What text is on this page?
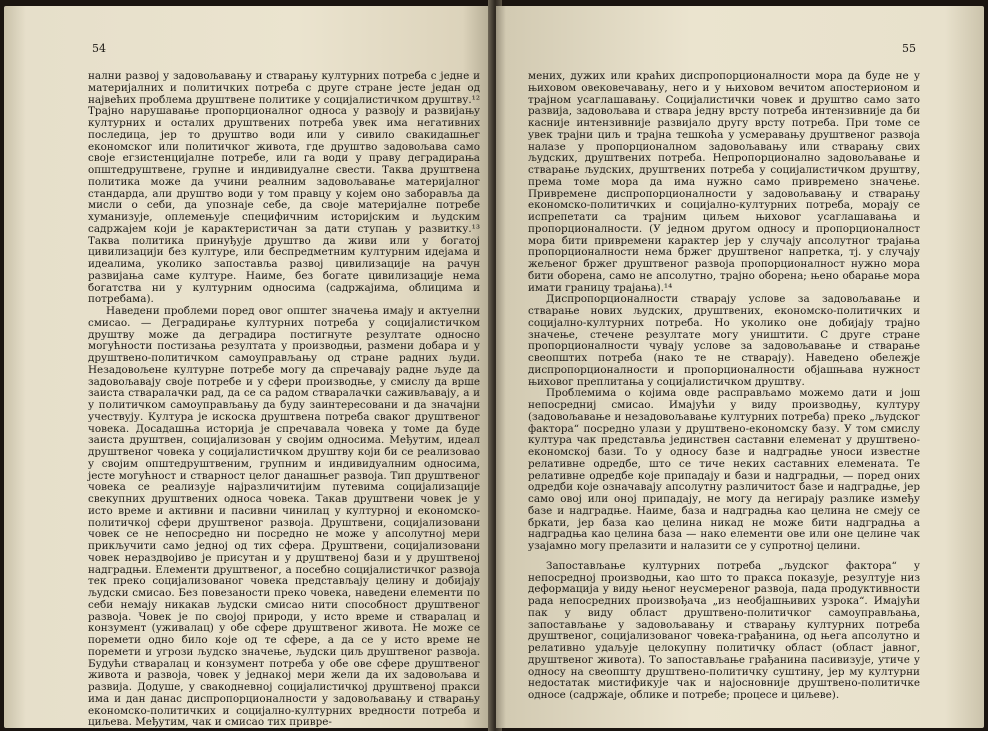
54

нални развој у задовољавању и стварању културних потреба с једне и материјалних и политичких потреба с друге стране јесте један од највећих проблема друштвене политике у социјалистичком друштву.¹² Трајно нарушавање пропорционалног односа у развоју и развијању културних и осталих друштвених потреба увек има негативних последица, јер то друштво води или у сивило свакидашњег економског или политичког живота, где друштво задовољава само своје егзистенцијалне потребе, или га води у праву деградирања општедруштвене, групне и индивидуалне свести. Таква друштвена политика може да учини реалним задовољавање материјалног стандарда, али друштво води у том правцу у којем оно заборавља да мисли о себи, да упознаје себе, да своје материјалне потребе хуманизује, оплемењује специфичним историјским и људским садржајем који је карактеристичан за дати ступањ у развитку.¹³ Таква политика принуђује друштво да живи или у богатој цивилизацији без културе, или беспредметним културним идејама и идеалима, уколико запоставља развој цивилизације на рачун развијања саме културе. Наиме, без богате цивилизације нема богатства ни у културним односима (садржајима, облицима и потребама).

Наведени проблеми поред овог општег значења имају и актуелни смисао. — Деградирање културних потреба у социјалистичком друштву може да деградира постигнуте резултате односно могућности постизања резултата у производњи, размени добара и у друштвено-политичком самоуправљању од стране радних људи. Незадовољене културне потребе могу да спречавају радне људе да задовољавају своје потребе и у сфери производње, у смислу да врше заиста стваралачки рад, да се са радом стваралачки саживљавају, а и у политичком самоуправљању да буду заинтересовани и да значајни учествују. Култура је искоска друштвена потреба сваког друштвеног човека. Досадашња историја је спречавала човека у томе да буде заиста друштвен, социјализован у својим односима. Међутим, идеал друштвеног човека у социјалистичком друштву који би се реализовао у својим општедруштвеним, групним и индивидуалним односима, јесте могућност и стварност целог данашњег развоја. Тип друштвеног човека се реализује најразличитијим путевима социјализације свекупних друштвених односа човека. Такав друштвени човек је у исто време и активни и пасивни чинилац у културној и економско-политичкој сфери друштвеног развоја. Друштвени, социјализовани човек се не непосредно ни посредно не може у апсолутној мери прикључити само једној од тих сфера. Друштвени, социјализовани човек нераздвојиво је присутан и у друштвеној бази и у друштвеној надградњи. Елементи друштвеног, а посебно социјалистичког развоја тек преко социјализованог човека представљају целину и добијају људски смисао. Без повезаности преко човека, наведени елементи по себи немају никакав људски смисао нити способност друштвеног развоја. Човек је по својој природи, у исто време и стваралац и конзумент (уживалац) у обе сфере друштвеног живота. Не може се поремети одно било које од те сфере, а да се у исто време не поремети и угрози људско значење, људски циљ друштвеног развоја. Будући стваралац и конзумент потреба у обе ове сфере друштвеног живота и развоја, човек у једнакој мери жели да их задовољава и развија. Додуше, у свакодневној социјалистичкој друштвеној пракси има и дан данас диспропорционалности у задовољавању и стварању економско-политичких и социјално-културних вредности потреба и циљева. Међутим, чак и смисао тих привре-

55

мених, дужих или краћих диспропорционалности мора да буде не у њиховом овековечавању, него и у њиховом вечитом апостерионом и трајном усаглашавању. Социјалистички човек и друштво само зато развија, задовољава и ствара једну врсту потреба интензивније да би касније интензивније развијало другу врсту потреба. При томе се увек трајни циљ и трајна тешкоћа у усмеравању друштвеног развоја налазе у пропорционалном задовољавању или стварању свих људских, друштвених потреба. Непропорционално задовољавање и стварање људских, друштвених потреба у социјалистичком друштву, према томе мора да има нужно само привремено значење. Привремене диспропорционалности у задовољавању и стварању економско-политичких и социјално-културних потреба, морају се испрепетати са трајним циљем њиховог усаглашавања и пропорционалности. (У једном другом односу и пропорционалност мора бити привремени карактер јер у случају апсолутног трајања пропорционалности нема бржег друштвеног напретка, тј. у случају жељеног бржег друштвеног развоја пропорционалност нужно мора бити оборена, само не апсолутно, трајно оборена; њено обарање мора имати границу трајања).¹⁴

Диспропорционалности стварају услове за задовољавање и стварање нових људских, друштвених, економско-политичких и социјално-културних потреба. Но уколико оне добијају трајно значење, стечене резултате могу уништити. С друге стране пропорционалности чувају услове за задовољавање и стварање свеопштих потреба (нако те не стварају). Наведено обележје диспропорционалности и пропорционалности објашњава нужност њиховог преплитања у социјалистичком друштву.

Проблемима о којима овде расправљамо можемо дати и још непосредниј смисао. Имајући у виду производњу, културу (задовољавање и незадовољавање културних потреба) преко „људског фактора“ посредно улази у друштвено-економску базу. У том смислу култура чак представља јединствен саставни елеменат у друштвено-економској бази. То у односу базе и надградње уноси известне релативне одредбе, што се тиче неких саставних елемената. Те релативне одредбе које припадају и бази и надградњи, — поред оних одредби које означавају апсолутну различитост базе и надградње, јер само овој или оној припадају, не могу да негирају разлике између базе и надградње. Наиме, база и надградња као целина не смеју се бркати, јер база као целина никад не може бити надградња а надградња као целина база — нако елементи ове или оне целине чак узајамно могу прелазити и налазити се у супротној целини.

Запостављање културних потреба „људског фактора“ у непосредној производњи, као што то пракса показује, резултује низ деформација у виду њеног неусмереног развоја, пада продуктивности рада непосредних произвођача „из необјашњивих узрока“. Имајући пак у виду област друштвено-политичког самоуправљања, запостављање у задовољавању и стварању културних потреба друштвеног, социјализованог човека-грађанина, од њега апсолутно и релативно удаљује целокупну политичку област (област јавног, друштвеног живота). То запостављање грађанина пасивизује, утиче у односу на свеопшту друштвено-политичку суштину, јер му културни недостатак мистификује чак и најосновније друштвено-политичке односе (садржаје, облике и потребе; процесе и циљеве).
